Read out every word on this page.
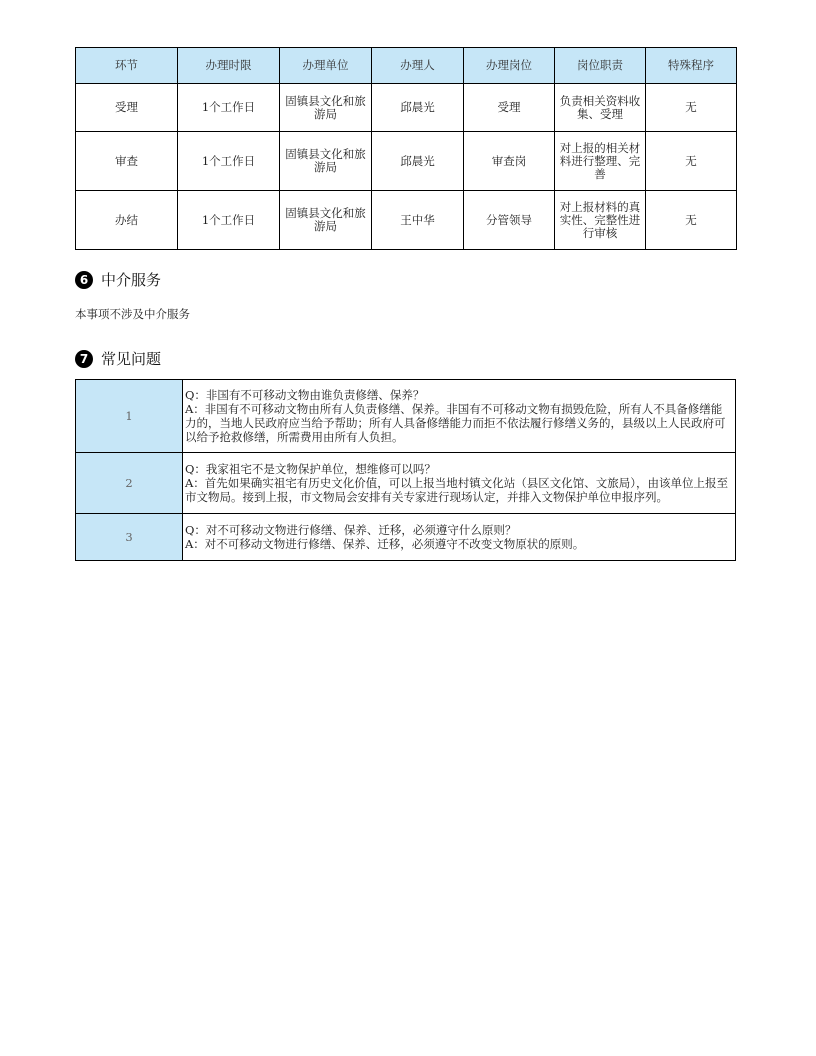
环节	办理时限	办理单位	办理人	办理岗位	岗位职责	特殊程序
受理	1个工作日	固镇县文化和旅游局	邱晨光	受理	负责相关资料收集、受理	无
审查	1个工作日	固镇县文化和旅游局	邱晨光	审查岗	对上报的相关材料进行整理、完善	无
办结	1个工作日	固镇县文化和旅游局	王中华	分管领导	对上报材料的真实性、完整性进行审核	无
6 中介服务
本事项不涉及中介服务
7 常见问题
1	Q：非国有不可移动文物由谁负责修缮、保养？
A：非国有不可移动文物由所有人负责修缮、保养。非国有不可移动文物有损毁危险，所有人不具备修缮能力的，当地人民政府应当给予帮助；所有人具备修缮能力而拒不依法履行修缮义务的，县级以上人民政府可以给予抢救修缮，所需费用由所有人负担。

2	Q：我家祖宅不是文物保护单位，想维修可以吗？
A：首先如果确实祖宅有历史文化价值，可以上报当地村镇文化站（县区文化馆、文旅局），由该单位上报至市文物局。接到上报，市文物局会安排有关专家进行现场认定，并排入文物保护单位申报序列。

3	Q：对不可移动文物进行修缮、保养、迁移，必须遵守什么原则？
A：对不可移动文物进行修缮、保养、迁移，必须遵守不改变文物原状的原则。
